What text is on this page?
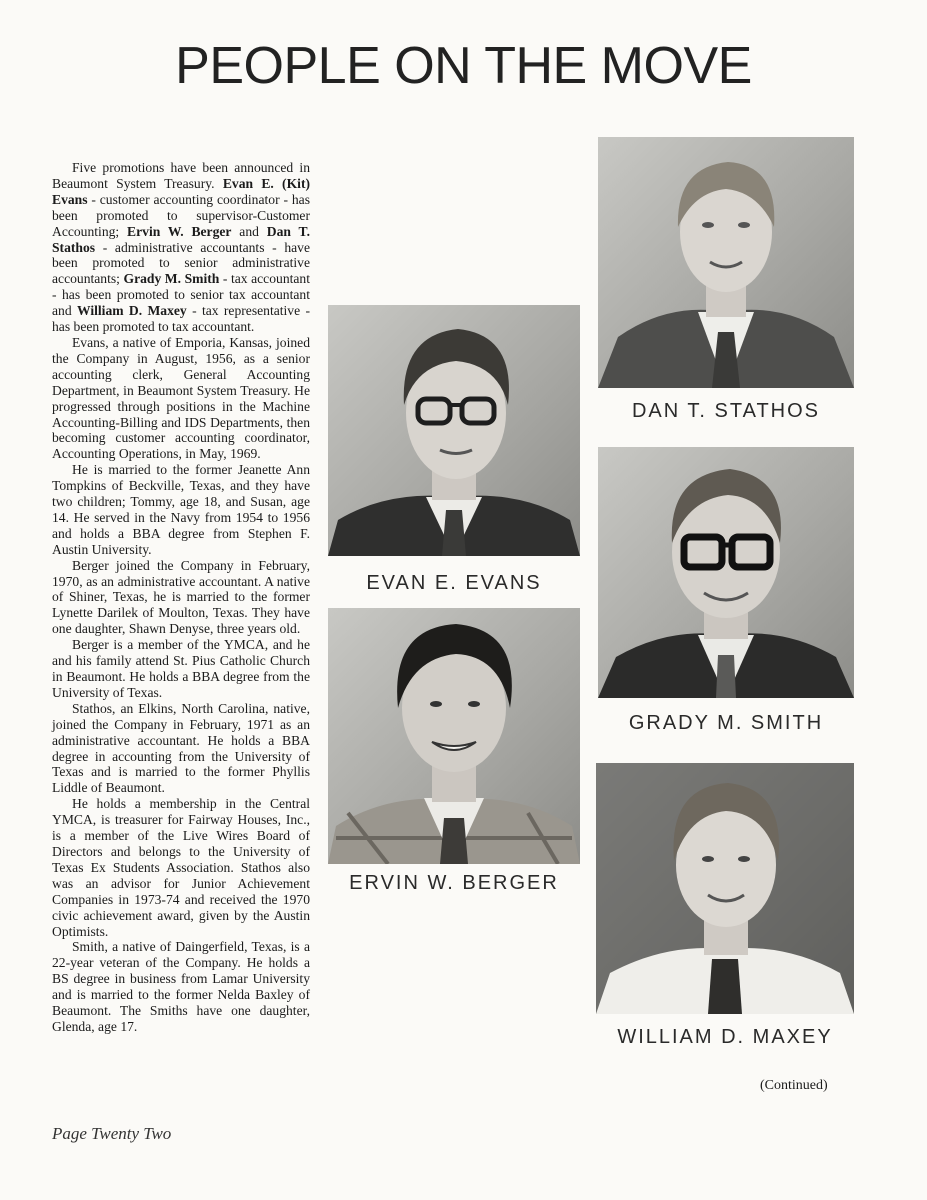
PEOPLE ON THE MOVE

Five promotions have been announced in Beaumont System Treasury. Evan E. (Kit) Evans - customer accounting coordinator - has been promoted to supervisor-Customer Accounting; Ervin W. Berger and Dan T. Stathos - administrative accountants - have been promoted to senior administrative accountants; Grady M. Smith - tax accountant - has been promoted to senior tax accountant and William D. Maxey - tax representative - has been promoted to tax accountant.

Evans, a native of Emporia, Kansas, joined the Company in August, 1956, as a senior accounting clerk, General Accounting Department, in Beaumont System Treasury. He progressed through positions in the Machine Accounting-Billing and IDS Departments, then becoming customer accounting coordinator, Accounting Operations, in May, 1969.

He is married to the former Jeanette Ann Tompkins of Beckville, Texas, and they have two children; Tommy, age 18, and Susan, age 14. He served in the Navy from 1954 to 1956 and holds a BBA degree from Stephen F. Austin University.

Berger joined the Company in February, 1970, as an administrative accountant. A native of Shiner, Texas, he is married to the former Lynette Darilek of Moulton, Texas. They have one daughter, Shawn Denyse, three years old.

Berger is a member of the YMCA, and he and his family attend St. Pius Catholic Church in Beaumont. He holds a BBA degree from the University of Texas.

Stathos, an Elkins, North Carolina, native, joined the Company in February, 1971 as an administrative accountant. He holds a BBA degree in accounting from the University of Texas and is married to the former Phyllis Liddle of Beaumont.

He holds a membership in the Central YMCA, is treasurer for Fairway Houses, Inc., is a member of the Live Wires Board of Directors and belongs to the University of Texas Ex Students Association. Stathos also was an advisor for Junior Achievement Companies in 1973-74 and received the 1970 civic achievement award, given by the Austin Optimists.

Smith, a native of Daingerfield, Texas, is a 22-year veteran of the Company. He holds a BS degree in business from Lamar University and is married to the former Nelda Baxley of Beaumont. The Smiths have one daughter, Glenda, age 17.

DAN T. STATHOS
EVAN E. EVANS
GRADY M. SMITH
ERVIN W. BERGER
WILLIAM D. MAXEY
(Continued)
Page Twenty Two
